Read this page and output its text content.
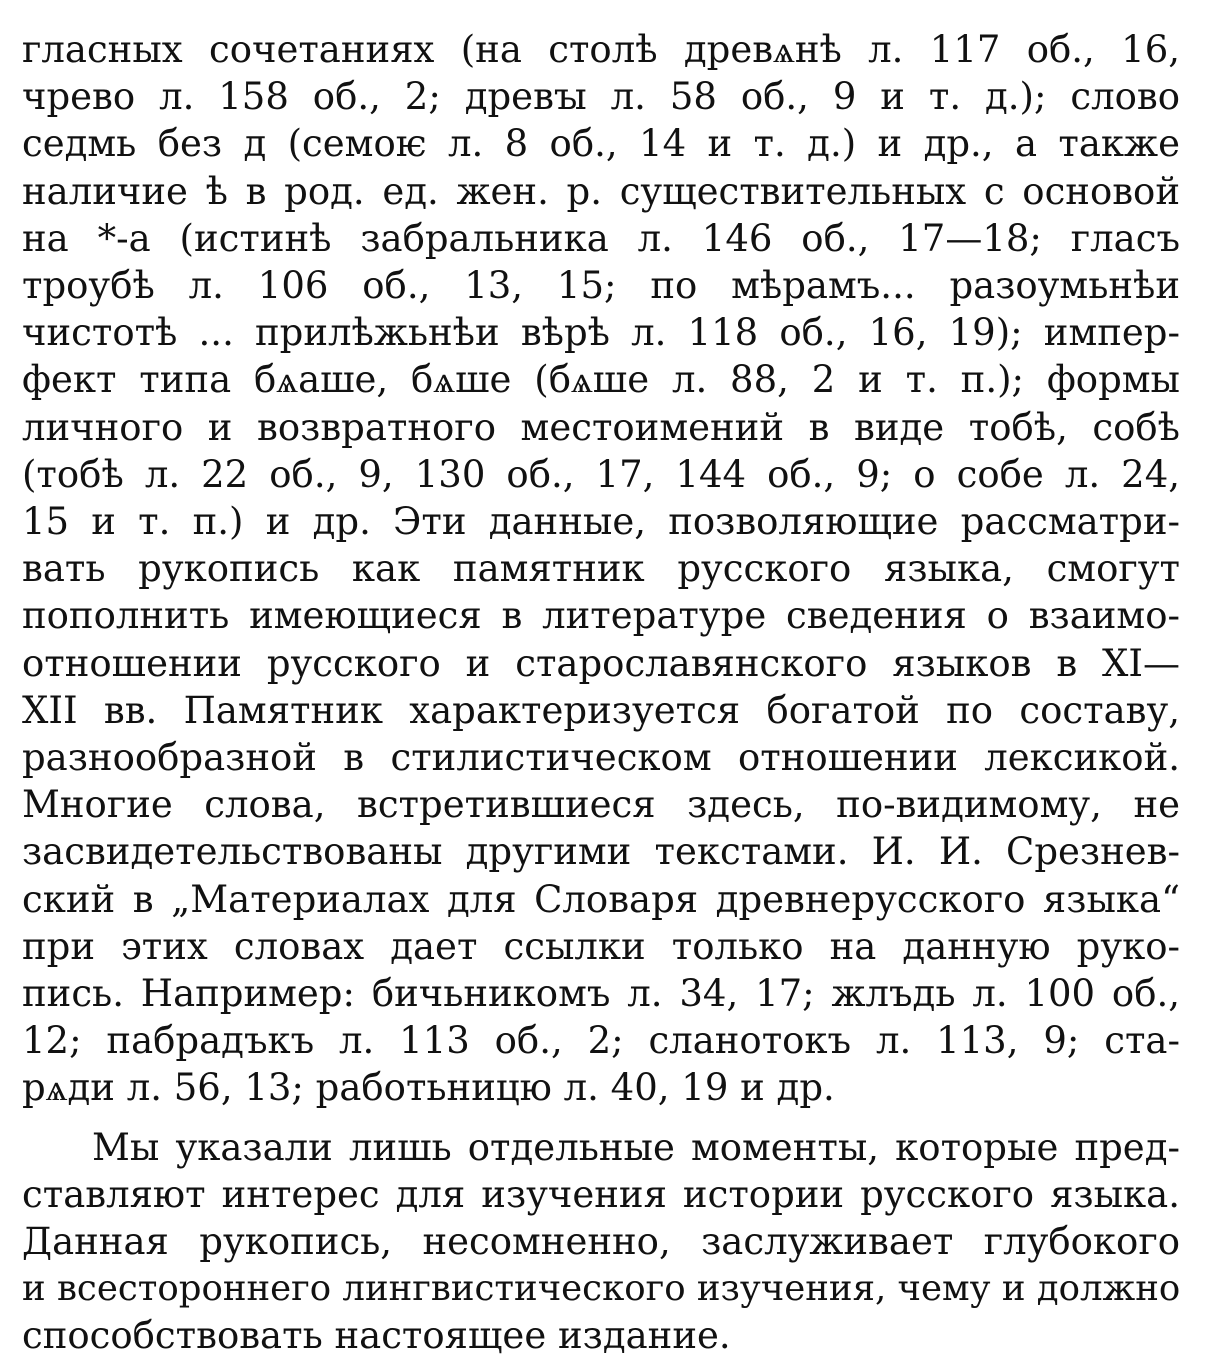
гласных сочетаниях (на столѣ древѧнѣ л. 117 об., 16,
чрево л. 158 об., 2; древꙑ л. 58 об., 9 и т. д.); слово
седмь без д (семоѥ л. 8 об., 14 и т. д.) и др., а также
наличие ѣ в род. ед. жен. р. существительных с основой
на *-а (истинѣ забральника л. 146 об., 17—18; гласъ
троубѣ л. 106 об., 13, 15; по мѣрамъ... разоумьнѣи
чистотѣ ... прилѣжьнѣи вѣрѣ л. 118 об., 16, 19); импер-
фект типа бѧаше, бѧше (бѧше л. 88, 2 и т. п.); формы
личного и возвратного местоимений в виде тобѣ, собѣ
(тобѣ л. 22 об., 9, 130 об., 17, 144 об., 9; о собе л. 24,
15 и т. п.) и др. Эти данные, позволяющие рассматри-
вать рукопись как памятник русского языка, смогут
пополнить имеющиеся в литературе сведения о взаимо-
отношении русского и старославянского языков в XI—
XII вв. Памятник характеризуется богатой по составу,
разнообразной в стилистическом отношении лексикой.
Многие слова, встретившиеся здесь, по-видимому, не
засвидетельствованы другими текстами. И. И. Срезнев-
ский в „Материалах для Словаря древнерусского языка“
при этих словах дает ссылки только на данную руко-
пись. Например: бичьникомъ л. 34, 17; жлъдь л. 100 об.,
12; пабрадъкъ л. 113 об., 2; сланотокъ л. 113, 9; ста-
рѧди л. 56, 13; работьницю л. 40, 19 и др.

Мы указали лишь отдельные моменты, которые пред-
ставляют интерес для изучения истории русского языка.
Данная рукопись, несомненно, заслуживает глубокого
и всестороннего лингвистического изучения, чему и должно
способствовать настоящее издание.
